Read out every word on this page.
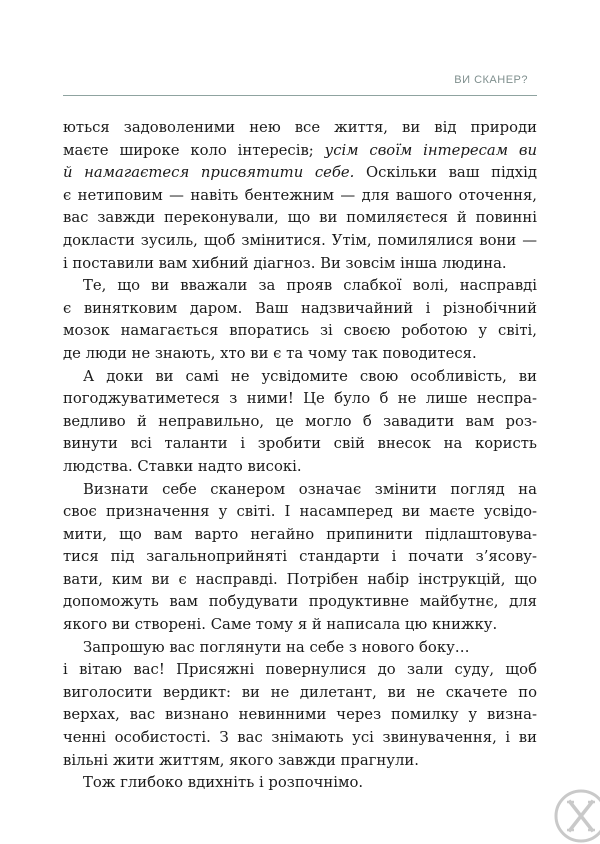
ВИ СКАНЕР?

ються задоволеними нею все життя, ви від природи
маєте широке коло інтересів; усім своїм інтересам ви
й намагаєтеся присвятити себе. Оскільки ваш підхід
є нетиповим — навіть бентежним — для вашого оточення,
вас завжди переконували, що ви помиляєтеся й повинні
докласти зусиль, щоб змінитися. Утім, помилялися вони —
і поставили вам хибний діагноз. Ви зовсім інша людина.
Те, що ви вважали за прояв слабкої волі, насправді
є винятковим даром. Ваш надзвичайний і різнобічний
мозок намагається впоратись зі своєю роботою у світі,
де люди не знають, хто ви є та чому так поводитеся.
А доки ви самі не усвідомите свою особливість, ви
погоджуватиметеся з ними! Це було б не лише неспра-
ведливо й неправильно, це могло б завадити вам роз-
винути всі таланти і зробити свій внесок на користь
людства. Ставки надто високі.
Визнати себе сканером означає змінити погляд на
своє призначення у світі. І насамперед ви маєте усвідо-
мити, що вам варто негайно припинити підлаштовува-
тися під загальноприйняті стандарти і почати з’ясову-
вати, ким ви є насправді. Потрібен набір інструкцій, що
допоможуть вам побудувати продуктивне майбутнє, для
якого ви створені. Саме тому я й написала цю книжку.
Запрошую вас поглянути на себе з нового боку…
і вітаю вас! Присяжні повернулися до зали суду, щоб
виголосити вердикт: ви не дилетант, ви не скачете по
верхах, вас визнано невинними через помилку у визна-
ченні особистості. З вас знімають усі звинувачення, і ви
вільні жити життям, якого завжди прагнули.
Тож глибоко вдихніть і розпочнімо.
